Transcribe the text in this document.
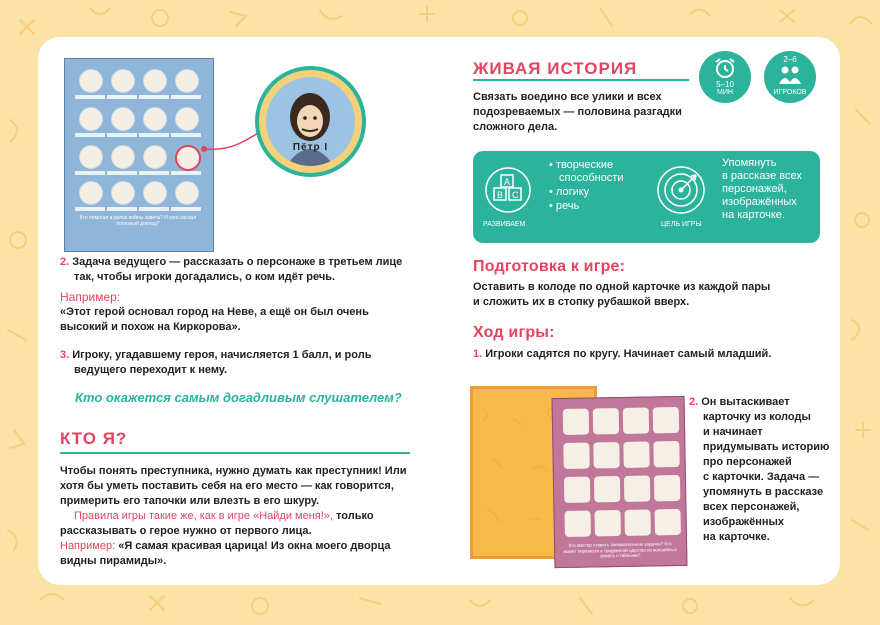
Кто помогал в делах войны завета? И кого заслал полезный доклад?
Пётр I
2. Задача ведущего — рассказать о персонаже в третьем лице
так, чтобы игроки догадались, о ком идёт речь.
Например:
«Этот герой основал город на Неве, а ещё он был очень
высокий и похож на Киркорова».
3. Игроку, угадавшему героя, начисляется 1 балл, и роль
ведущего переходит к нему.
Кто окажется самым догадливым слушателем?
КТО Я?
Чтобы понять преступника, нужно думать как преступник! Или
хотя бы уметь поставить себя на его место — как говорится,
примерить его тапочки или влезть в его шкуру.
Правила игры такие же, как в игре «Найди меня!», только
рассказывать о герое нужно от первого лица.
Например: «Я самая красивая царица! Из окна моего дворца
видны пирамиды».
ЖИВАЯ ИСТОРИЯ
5–10
МИН
2–6
ИГРОКОВ
Связать воедино все улики и всех
подозреваемых — половина разгадки
сложного дела.
A
B C
РАЗВИВАЕМ
• творческие
способности
• логику
• речь
ЦЕЛЬ ИГРЫ
Упомянуть
в рассказе всех
персонажей,
изображённых
на карточке.
Подготовка к игре:
Оставить в колоде по одной карточке из каждой пары
и сложить их в стопку рубашкой вверх.
Ход игры:
1. Игроки садятся по кругу. Начинает самый младший.
Кто мастер ставить занимательные задачки? Кто может перевезти в тридевятое царство из волшебных земель с тайными?
2. Он вытаскивает
карточку из колоды
и начинает
придумывать историю
про персонажей
с карточки. Задача —
упомянуть в рассказе
всех персонажей,
изображённых
на карточке.
